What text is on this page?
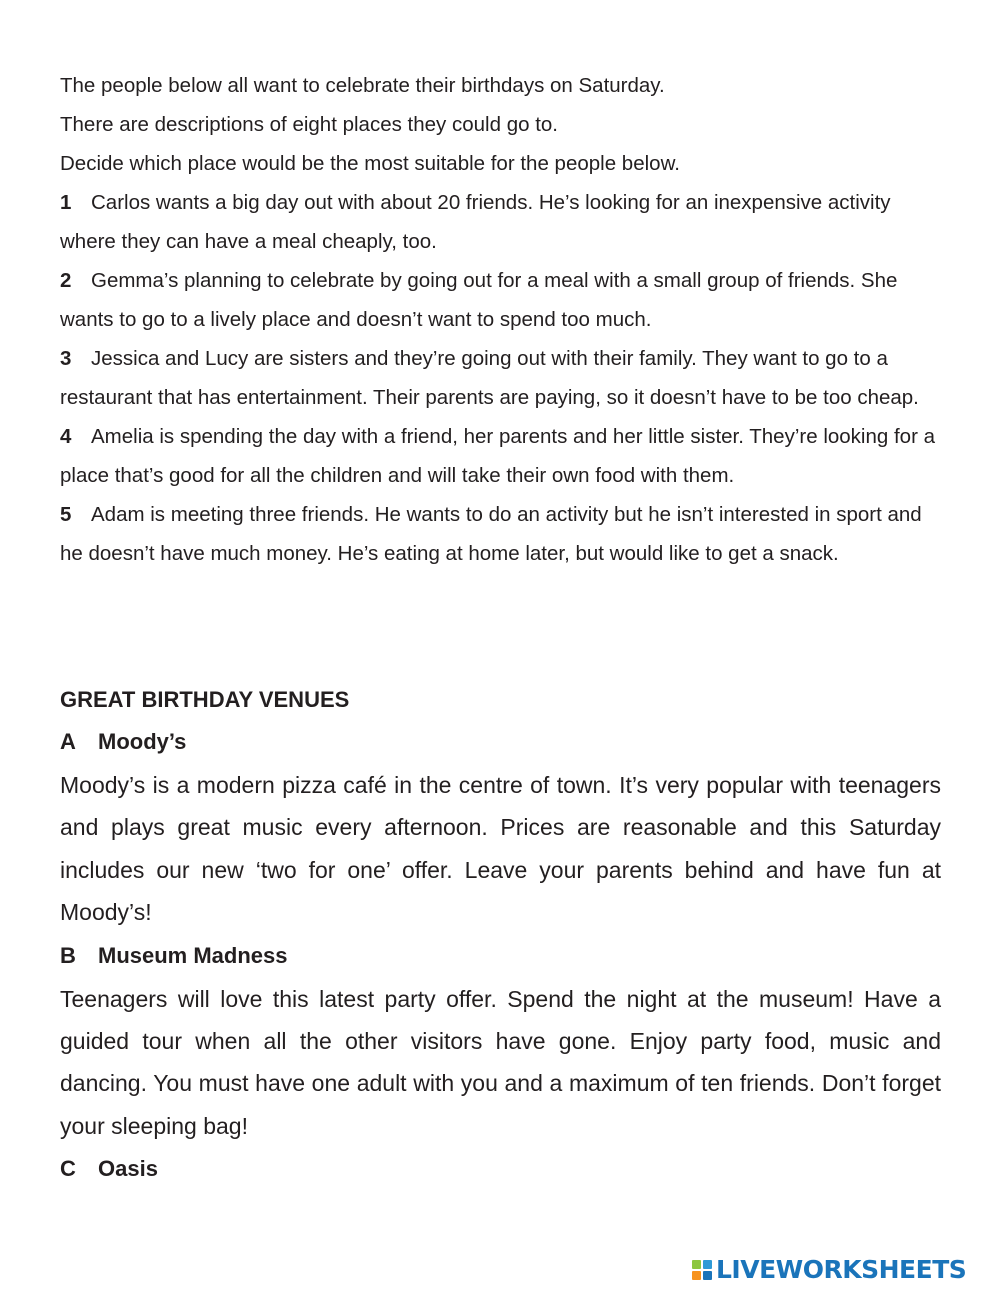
The people below all want to celebrate their birthdays on Saturday.

There are descriptions of eight places they could go to.

Decide which place would be the most suitable for the people below.

1 Carlos wants a big day out with about 20 friends. He’s looking for an inexpensive activity where they can have a meal cheaply, too.

2 Gemma’s planning to celebrate by going out for a meal with a small group of friends. She wants to go to a lively place and doesn’t want to spend too much.

3 Jessica and Lucy are sisters and they’re going out with their family. They want to go to a restaurant that has entertainment. Their parents are paying, so it doesn’t have to be too cheap.

4 Amelia is spending the day with a friend, her parents and her little sister. They’re looking for a place that’s good for all the children and will take their own food with them.

5 Adam is meeting three friends. He wants to do an activity but he isn’t interested in sport and he doesn’t have much money. He’s eating at home later, but would like to get a snack.

GREAT BIRTHDAY VENUES

A Moody’s

Moody’s is a modern pizza café in the centre of town. It’s very popular with teenagers and plays great music every afternoon. Prices are reasonable and this Saturday includes our new ‘two for one’ offer. Leave your parents behind and have fun at Moody’s!

B Museum Madness

Teenagers will love this latest party offer. Spend the night at the museum! Have a guided tour when all the other visitors have gone. Enjoy party food, music and dancing. You must have one adult with you and a maximum of ten friends. Don’t forget your sleeping bag!

C Oasis

LIVEWORKSHEETS
